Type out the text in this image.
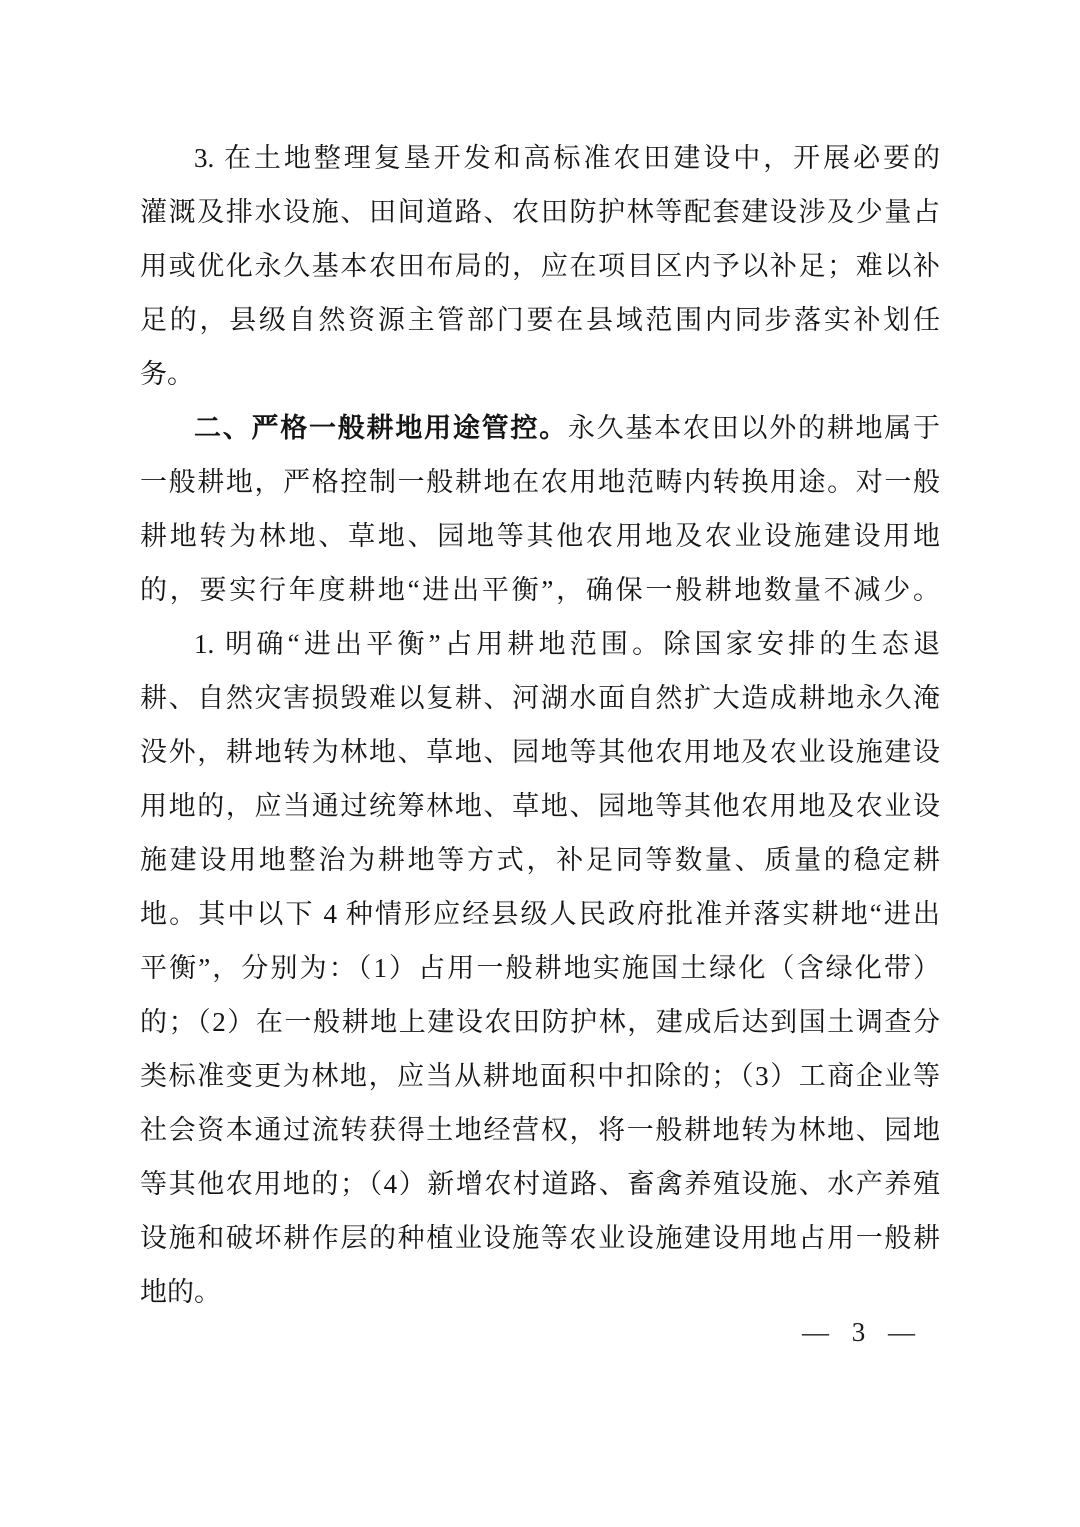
3. 在土地整理复垦开发和高标准农田建设中，开展必要的
灌溉及排水设施、田间道路、农田防护林等配套建设涉及少量占
用或优化永久基本农田布局的，应在项目区内予以补足；难以补
足的，县级自然资源主管部门要在县域范围内同步落实补划任
务。
二、严格一般耕地用途管控。永久基本农田以外的耕地属于
一般耕地，严格控制一般耕地在农用地范畴内转换用途。对一般
耕地转为林地、草地、园地等其他农用地及农业设施建设用地
的，要实行年度耕地“进出平衡”，确保一般耕地数量不减少。
1. 明确“进出平衡”占用耕地范围。除国家安排的生态退
耕、自然灾害损毁难以复耕、河湖水面自然扩大造成耕地永久淹
没外，耕地转为林地、草地、园地等其他农用地及农业设施建设
用地的，应当通过统筹林地、草地、园地等其他农用地及农业设
施建设用地整治为耕地等方式，补足同等数量、质量的稳定耕
地。其中以下 4 种情形应经县级人民政府批准并落实耕地“进出
平衡”，分别为：（1）占用一般耕地实施国土绿化（含绿化带）
的；（2）在一般耕地上建设农田防护林，建成后达到国土调查分
类标准变更为林地，应当从耕地面积中扣除的；（3）工商企业等
社会资本通过流转获得土地经营权，将一般耕地转为林地、园地
等其他农用地的；（4）新增农村道路、畜禽养殖设施、水产养殖
设施和破坏耕作层的种植业设施等农业设施建设用地占用一般耕
地的。
— 3 —
